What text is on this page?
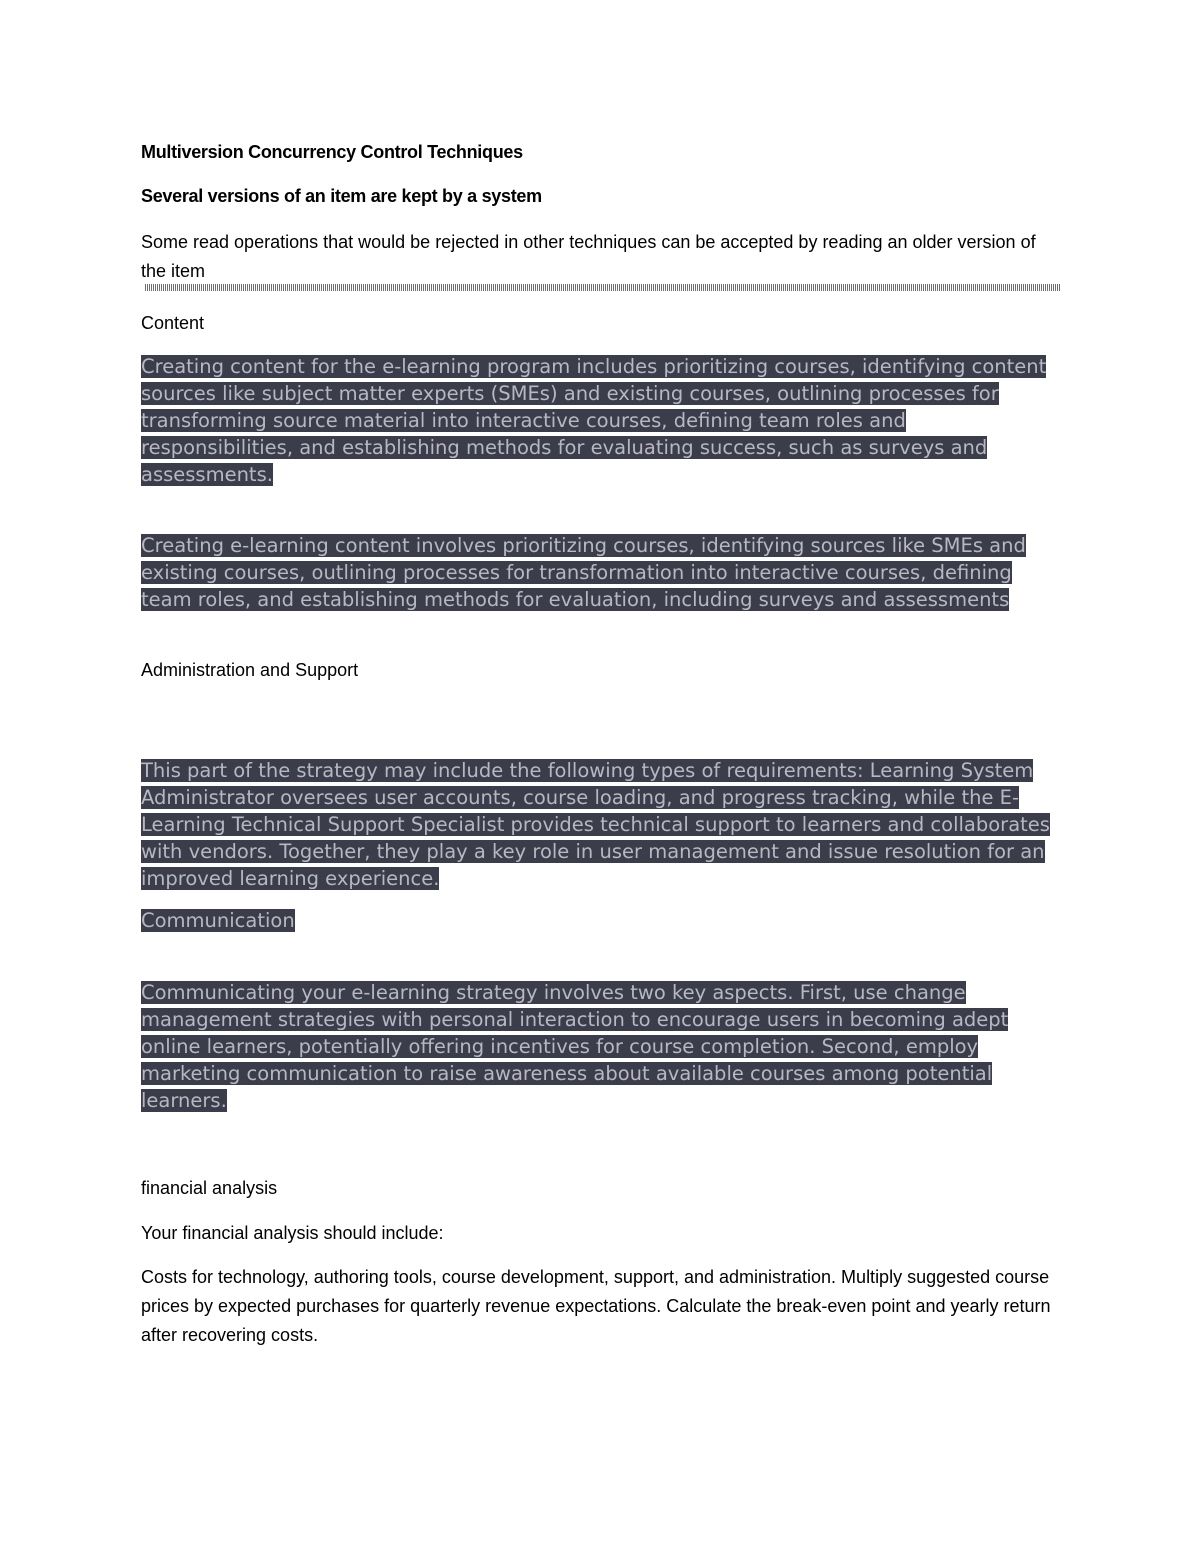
Multiversion Concurrency Control Techniques

Several versions of an item are kept by a system

Some read operations that would be rejected in other techniques can be accepted by reading an older version of the item

Content

Creating content for the e-learning program includes prioritizing courses, identifying content sources like subject matter experts (SMEs) and existing courses, outlining processes for transforming source material into interactive courses, defining team roles and responsibilities, and establishing methods for evaluating success, such as surveys and assessments.

Creating e-learning content involves prioritizing courses, identifying sources like SMEs and existing courses, outlining processes for transformation into interactive courses, defining team roles, and establishing methods for evaluation, including surveys and assessments

Administration and Support

This part of the strategy may include the following types of requirements: Learning System Administrator oversees user accounts, course loading, and progress tracking, while the E-Learning Technical Support Specialist provides technical support to learners and collaborates with vendors. Together, they play a key role in user management and issue resolution for an improved learning experience.

Communication

Communicating your e-learning strategy involves two key aspects. First, use change management strategies with personal interaction to encourage users in becoming adept online learners, potentially offering incentives for course completion. Second, employ marketing communication to raise awareness about available courses among potential learners.

financial analysis

Your financial analysis should include:

Costs for technology, authoring tools, course development, support, and administration. Multiply suggested course prices by expected purchases for quarterly revenue expectations. Calculate the break-even point and yearly return after recovering costs.
